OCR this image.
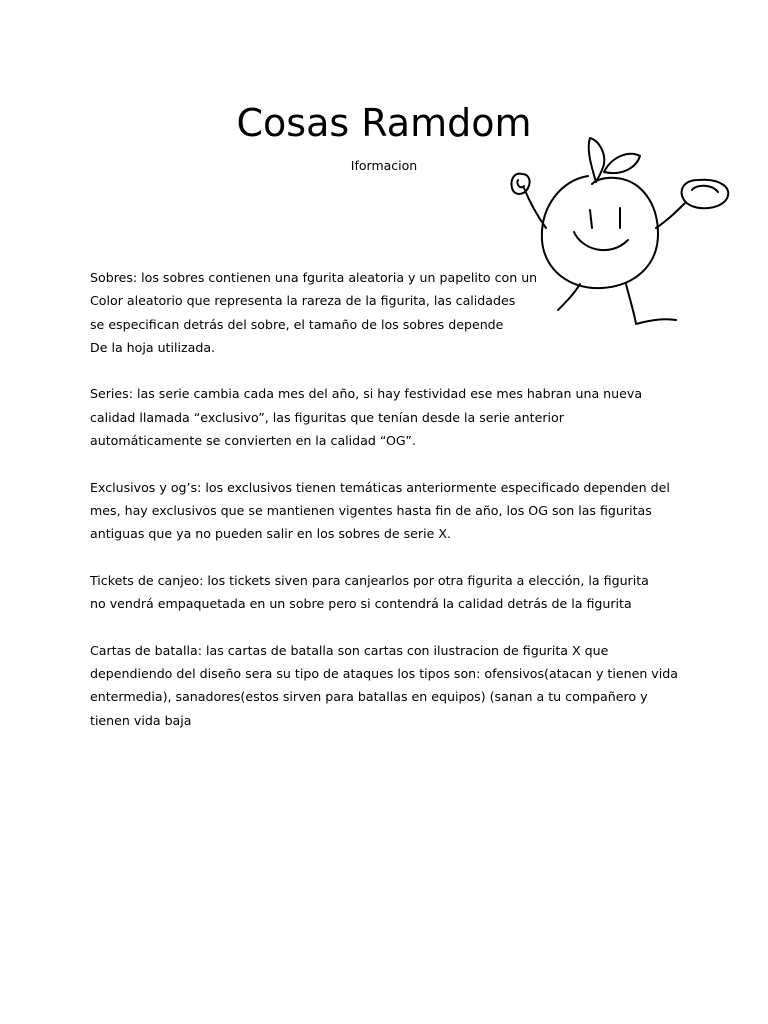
Cosas Ramdom
Iformacion
Sobres: los sobres contienen una fgurita aleatoria y un papelito con un
Color aleatorio que representa la rareza de la figurita, las calidades
se especifican detrás del sobre, el tamaño de los sobres depende
De la hoja utilizada.
Series: las serie cambia cada mes del año, si hay festividad ese mes habran una nueva
calidad llamada “exclusivo”, las figuritas que tenían desde la serie anterior
automáticamente se convierten en la calidad “OG”.
Exclusivos y og’s: los exclusivos tienen temáticas anteriormente especificado dependen del
mes, hay exclusivos que se mantienen vigentes hasta fin de año, los OG son las figuritas
antiguas que ya no pueden salir en los sobres de serie X.
Tickets de canjeo: los tickets siven para canjearlos por otra figurita a elección, la figurita
no vendrá empaquetada en un sobre pero si contendrá la calidad detrás de la figurita
Cartas de batalla: las cartas de batalla son cartas con ilustracion de figurita X que
dependiendo del diseño sera su tipo de ataques los tipos son: ofensivos(atacan y tienen vida
entermedia), sanadores(estos sirven para batallas en equipos) (sanan a tu compañero y
tienen vida baja
